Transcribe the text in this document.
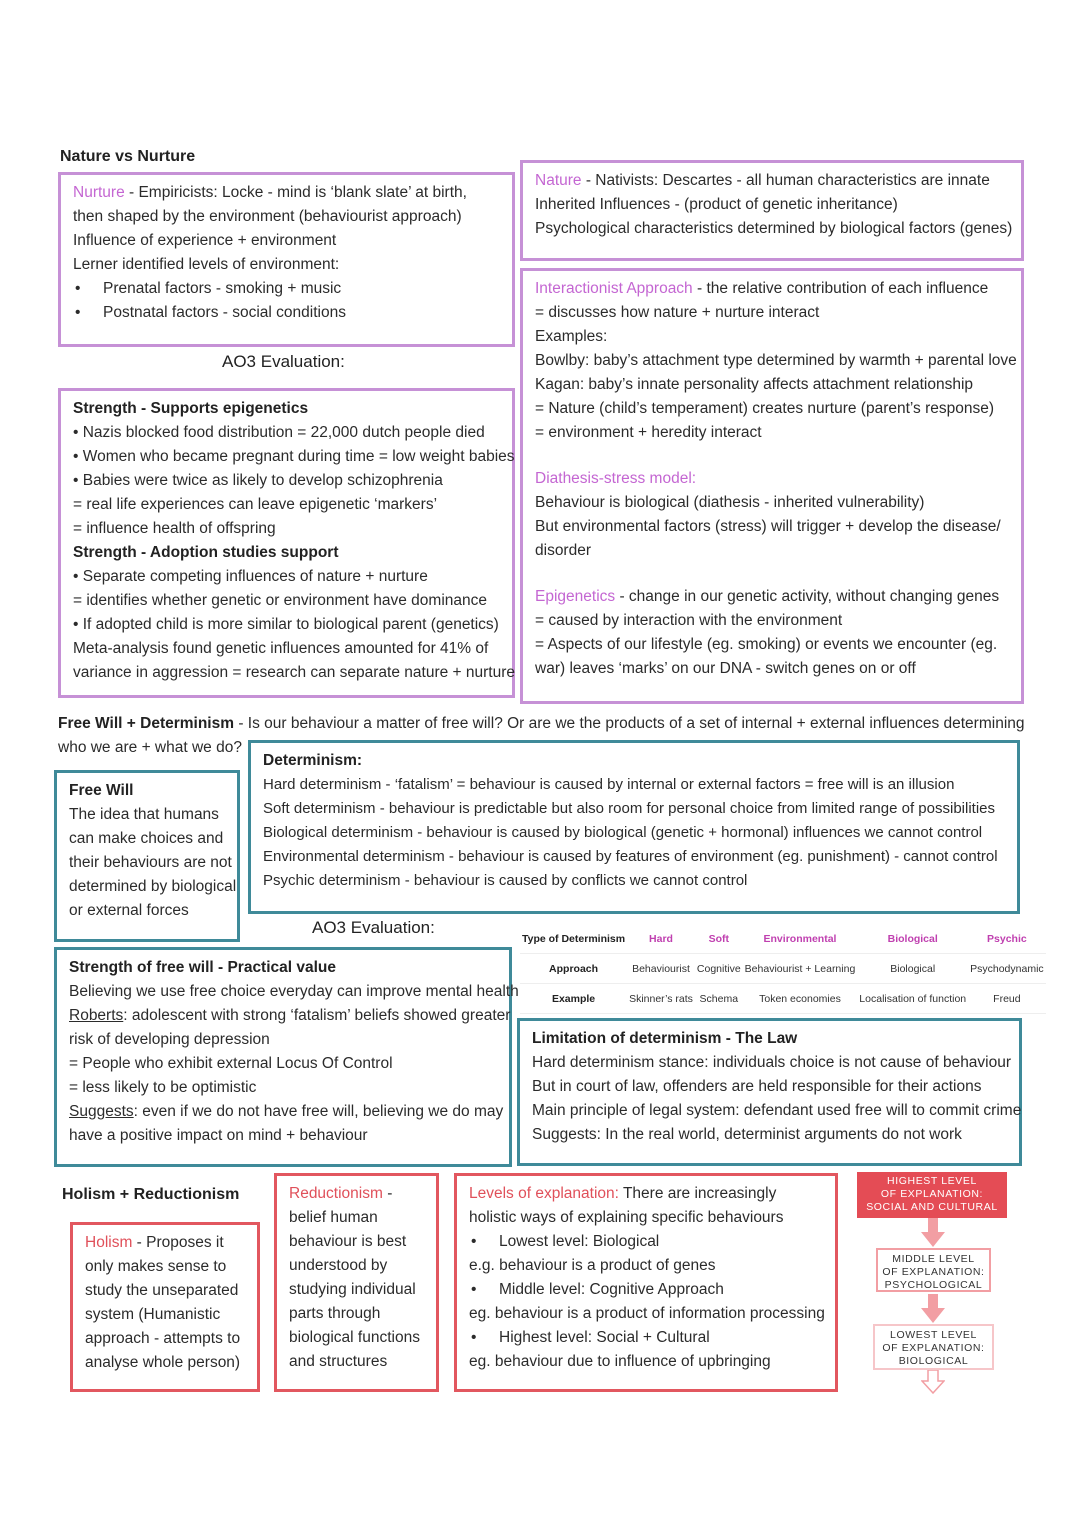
Nature vs Nurture

Nurture - Empiricists: Locke - mind is ‘blank slate’ at birth,

then shaped by the environment (behaviourist approach)

Influence of experience + environment

Lerner identified levels of environment:

• Prenatal factors - smoking + music

• Postnatal factors - social conditions

Nature - Nativists: Descartes - all human characteristics are innate

Inherited Influences - (product of genetic inheritance)

Psychological characteristics determined by biological factors (genes)

AO3 Evaluation:

Strength - Supports epigenetics

• Nazis blocked food distribution = 22,000 dutch people died

• Women who became pregnant during time = low weight babies

• Babies were twice as likely to develop schizophrenia

= real life experiences can leave epigenetic ‘markers’

= influence health of offspring

Strength - Adoption studies support

• Separate competing influences of nature + nurture

= identifies whether genetic or environment have dominance

• If adopted child is more similar to biological parent (genetics)

Meta-analysis found genetic influences amounted for 41% of

variance in aggression = research can separate nature + nurture

Interactionist Approach - the relative contribution of each influence

= discusses how nature + nurture interact

Examples:

Bowlby: baby’s attachment type determined by warmth + parental love

Kagan: baby’s innate personality affects attachment relationship

= Nature (child’s temperament) creates nurture (parent’s response)

= environment + heredity interact

Diathesis-stress model:

Behaviour is biological (diathesis - inherited vulnerability)

But environmental factors (stress) will trigger + develop the disease/

disorder

Epigenetics - change in our genetic activity, without changing genes

= caused by interaction with the environment

= Aspects of our lifestyle (eg. smoking) or events we encounter (eg.

war) leaves ‘marks’ on our DNA - switch genes on or off

Free Will + Determinism - Is our behaviour a matter of free will? Or are we the products of a set of internal + external influences determining

who we are + what we do?

Free Will

The idea that humans

can make choices and

their behaviours are not

determined by biological

or external forces

Determinism:

Hard determinism - ‘fatalism’ = behaviour is caused by internal or external factors = free will is an illusion

Soft determinism - behaviour is predictable but also room for personal choice from limited range of possibilities

Biological determinism - behaviour is caused by biological (genetic + hormonal) influences we cannot control

Environmental determinism - behaviour is caused by features of environment (eg. punishment) - cannot control

Psychic determinism - behaviour is caused by conflicts we cannot control

AO3 Evaluation:

Strength of free will - Practical value

Believing we use free choice everyday can improve mental health

Roberts: adolescent with strong ‘fatalism’ beliefs showed greater

risk of developing depression

= People who exhibit external Locus Of Control

= less likely to be optimistic

Suggests: even if we do not have free will, believing we do may

have a positive impact on mind + behaviour

Type of Determinism	Hard	Soft	Environmental	Biological	Psychic
Approach	Behaviourist	Cognitive	Behaviourist + Learning	Biological	Psychodynamic
Example	Skinner’s rats	Schema	Token economies	Localisation of function	Freud

Limitation of determinism - The Law

Hard determinism stance: individuals choice is not cause of behaviour

But in court of law, offenders are held responsible for their actions

Main principle of legal system: defendant used free will to commit crime

Suggests: In the real world, determinist arguments do not work

Holism + Reductionism

Holism - Proposes it

only makes sense to

study the unseparated

system (Humanistic

approach - attempts to

analyse whole person)

Reductionism -

belief human

behaviour is best

understood by

studying individual

parts through

biological functions

and structures

Levels of explanation: There are increasingly

holistic ways of explaining specific behaviours

• Lowest level: Biological

e.g. behaviour is a product of genes

• Middle level: Cognitive Approach

eg. behaviour is a product of information processing

• Highest level: Social + Cultural

eg. behaviour due to influence of upbringing

HIGHEST LEVEL
OF EXPLANATION:
SOCIAL AND CULTURAL
MIDDLE LEVEL
OF EXPLANATION:
PSYCHOLOGICAL
LOWEST LEVEL
OF EXPLANATION:
BIOLOGICAL
